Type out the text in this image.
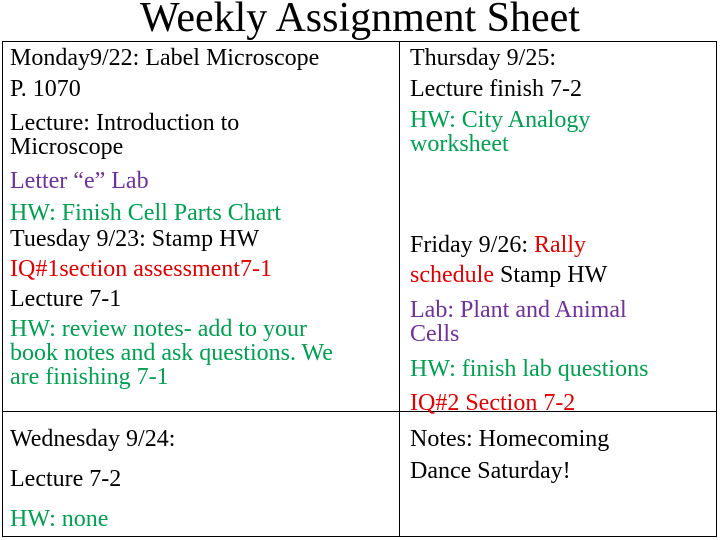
Weekly Assignment Sheet
Monday9/22: Label Microscope
P. 1070
Lecture: Introduction to
Microscope
Letter “e” Lab
HW: Finish Cell Parts Chart
Tuesday 9/23: Stamp HW
IQ#1section assessment7-1
Lecture 7-1
HW: review notes- add to your
book notes and ask questions. We
are finishing 7-1
Wednesday 9/24:
Lecture 7-2
HW: none
Thursday 9/25:
Lecture finish 7-2
HW: City Analogy
worksheet
Friday 9/26: Rally
schedule Stamp HW
Lab: Plant and Animal
Cells
HW: finish lab questions
IQ#2 Section 7-2
Notes: Homecoming
Dance Saturday!
